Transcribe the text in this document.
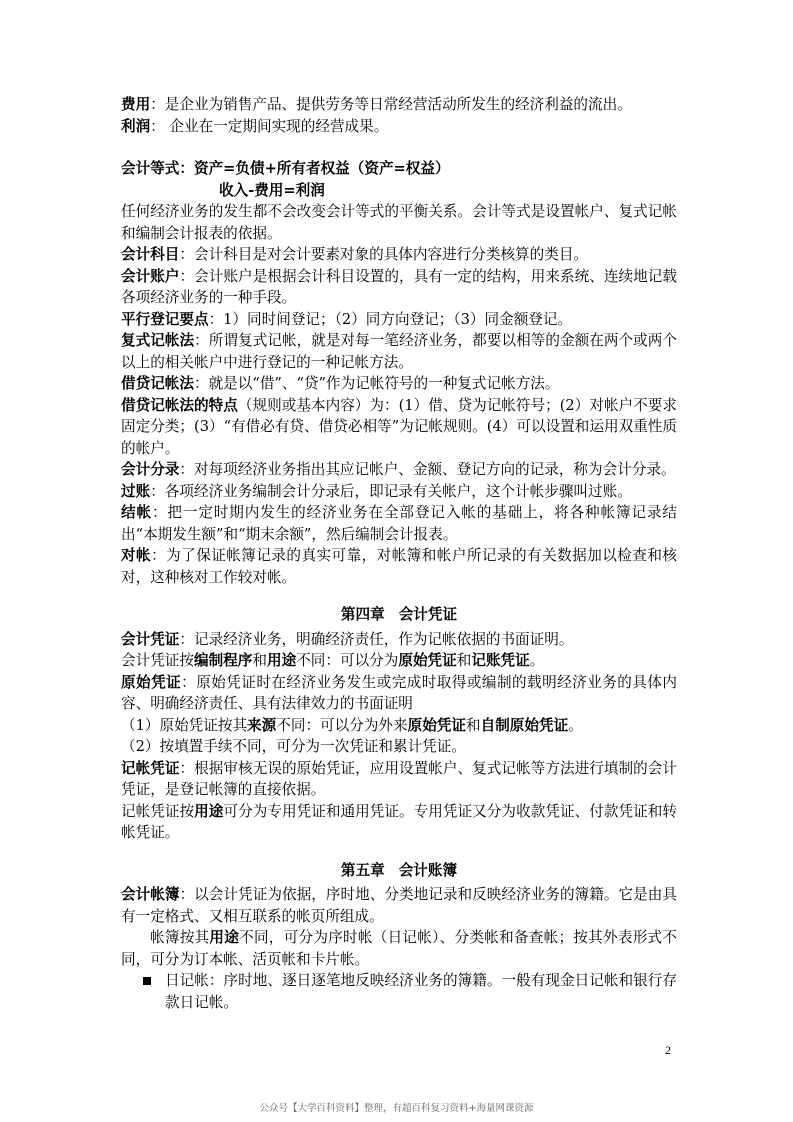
费用：是企业为销售产品、提供劳务等日常经营活动所发生的经济利益的流出。

利润： 企业在一定期间实现的经营成果。

会计等式：资产=负债+所有者权益（资产=权益）

收入-费用=利润

任何经济业务的发生都不会改变会计等式的平衡关系。会计等式是设置帐户、复式记帐和编制会计报表的依据。

会计科目：会计科目是对会计要素对象的具体内容进行分类核算的类目。

会计账户：会计账户是根据会计科目设置的，具有一定的结构，用来系统、连续地记载各项经济业务的一种手段。

平行登记要点：1）同时间登记；（2）同方向登记；（3）同金额登记。

复式记帐法：所谓复式记帐，就是对每一笔经济业务，都要以相等的金额在两个或两个以上的相关帐户中进行登记的一种记帐方法。

借贷记帐法：就是以“借”、“贷”作为记帐符号的一种复式记帐方法。

借贷记帐法的特点（规则或基本内容）为：(1）借、贷为记帐符号；(2）对帐户不要求固定分类；(3）“有借必有贷、借贷必相等”为记帐规则。(4）可以设置和运用双重性质的帐户。

会计分录：对每项经济业务指出其应记帐户、金额、登记方向的记录，称为会计分录。

过账：各项经济业务编制会计分录后，即记录有关帐户，这个计帐步骤叫过账。

结帐：把一定时期内发生的经济业务在全部登记入帐的基础上，将各种帐簿记录结出“本期发生额”和“期末余额”，然后编制会计报表。

对帐：为了保证帐簿记录的真实可靠，对帐簿和帐户所记录的有关数据加以检查和核对，这种核对工作较对帐。

第四章 会计凭证

会计凭证：记录经济业务，明确经济责任，作为记帐依据的书面证明。

会计凭证按编制程序和用途不同：可以分为原始凭证和记账凭证。

原始凭证：原始凭证时在经济业务发生或完成时取得或编制的载明经济业务的具体内容、明确经济责任、具有法律效力的书面证明

（1）原始凭证按其来源不同：可以分为外来原始凭证和自制原始凭证。

（2）按填置手续不同，可分为一次凭证和累计凭证。

记帐凭证：根据审核无误的原始凭证，应用设置帐户、复式记帐等方法进行填制的会计凭证，是登记帐簿的直接依据。

记帐凭证按用途可分为专用凭证和通用凭证。专用凭证又分为收款凭证、付款凭证和转帐凭证。

第五章 会计账簿

会计帐簿：以会计凭证为依据，序时地、分类地记录和反映经济业务的簿籍。它是由具有一定格式、又相互联系的帐页所组成。

帐簿按其用途不同，可分为序时帐（日记帐）、分类帐和备查帐；按其外表形式不同，可分为订本帐、活页帐和卡片帐。

日记帐：序时地、逐日逐笔地反映经济业务的簿籍。一般有现金日记帐和银行存款日记帐。

2
公众号【大学百科资料】整理，有超百科复习资料+海量网课资源
